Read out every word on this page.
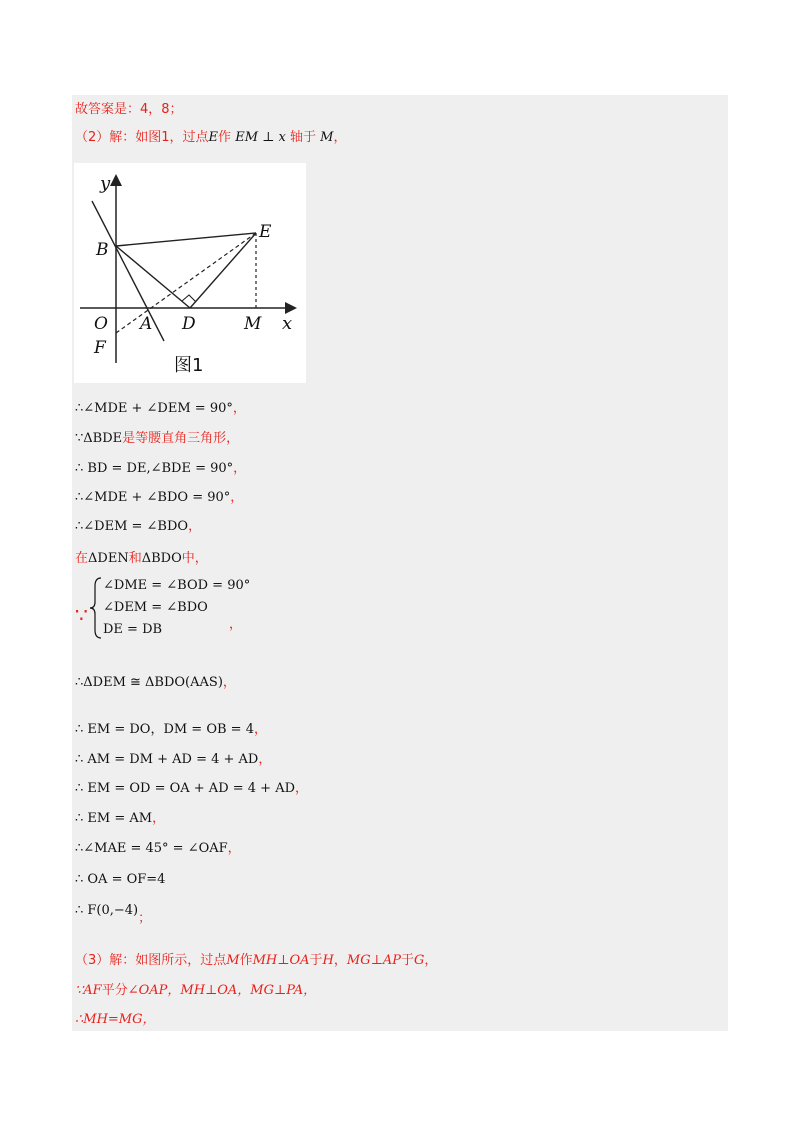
故答案是：4，8；
（2）解：如图1，过点E作 EM ⊥ x 轴于 M，
y
x
B
E
O A D	M
F
图1
∴∠MDE + ∠DEM = 90°，
∵ΔBDE是等腰直角三角形，
∴ BD = DE,∠BDE = 90°，
∴∠MDE + ∠BDO = 90°，
∴∠DEM = ∠BDO，
在ΔDEN和ΔBDO中，
∵
∠DME = ∠BOD = 90°
∠DEM = ∠BDO
DE = DB	，
∴ΔDEM ≅ ΔBDO(AAS)，
∴ EM = DO，DM = OB = 4，
∴ AM = DM + AD = 4 + AD，
∴ EM = OD = OA + AD = 4 + AD，
∴ EM = AM，
∴∠MAE = 45° = ∠OAF，
∴ OA = OF=4
∴ F(0,−4)；
（3）解：如图所示，过点M作MH⊥OA于H，MG⊥AP于G，
∵AF平分∠OAP，MH⊥OA，MG⊥PA，
∴MH=MG，
